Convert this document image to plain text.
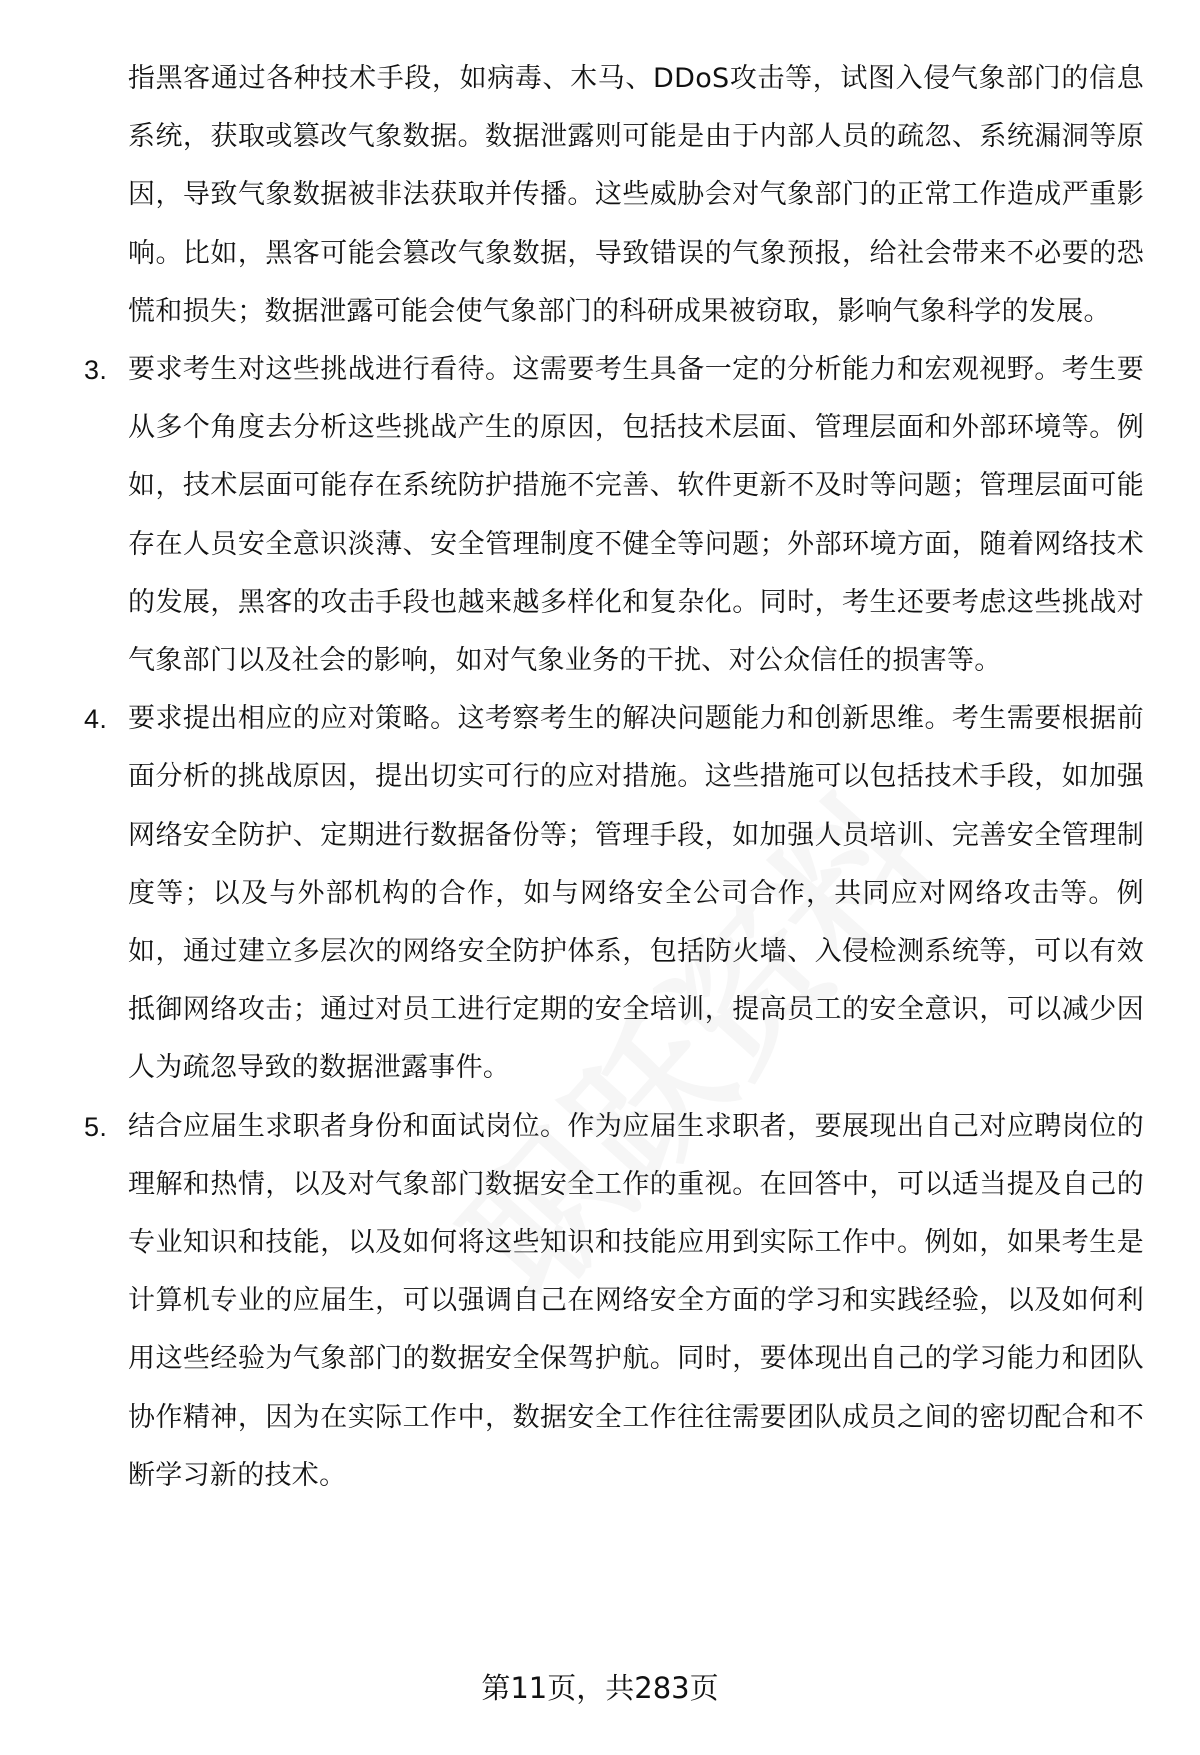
指黑客通过各种技术手段，如病毒、木马、DDoS攻击等，试图入侵气象部门的信息系统，获取或篡改气象数据。数据泄露则可能是由于内部人员的疏忽、系统漏洞等原因，导致气象数据被非法获取并传播。这些威胁会对气象部门的正常工作造成严重影响。比如，黑客可能会篡改气象数据，导致错误的气象预报，给社会带来不必要的恐慌和损失；数据泄露可能会使气象部门的科研成果被窃取，影响气象科学的发展。
3. 要求考生对这些挑战进行看待。这需要考生具备一定的分析能力和宏观视野。考生要从多个角度去分析这些挑战产生的原因，包括技术层面、管理层面和外部环境等。例如，技术层面可能存在系统防护措施不完善、软件更新不及时等问题；管理层面可能存在人员安全意识淡薄、安全管理制度不健全等问题；外部环境方面，随着网络技术的发展，黑客的攻击手段也越来越多样化和复杂化。同时，考生还要考虑这些挑战对气象部门以及社会的影响，如对气象业务的干扰、对公众信任的损害等。
4. 要求提出相应的应对策略。这考察考生的解决问题能力和创新思维。考生需要根据前面分析的挑战原因，提出切实可行的应对措施。这些措施可以包括技术手段，如加强网络安全防护、定期进行数据备份等；管理手段，如加强人员培训、完善安全管理制度等；以及与外部机构的合作，如与网络安全公司合作，共同应对网络攻击等。例如，通过建立多层次的网络安全防护体系，包括防火墙、入侵检测系统等，可以有效抵御网络攻击；通过对员工进行定期的安全培训，提高员工的安全意识，可以减少因人为疏忽导致的数据泄露事件。
5. 结合应届生求职者身份和面试岗位。作为应届生求职者，要展现出自己对应聘岗位的理解和热情，以及对气象部门数据安全工作的重视。在回答中，可以适当提及自己的专业知识和技能，以及如何将这些知识和技能应用到实际工作中。例如，如果考生是计算机专业的应届生，可以强调自己在网络安全方面的学习和实践经验，以及如何利用这些经验为气象部门的数据安全保驾护航。同时，要体现出自己的学习能力和团队协作精神，因为在实际工作中，数据安全工作往往需要团队成员之间的密切配合和不断学习新的技术。
第11页，共283页
